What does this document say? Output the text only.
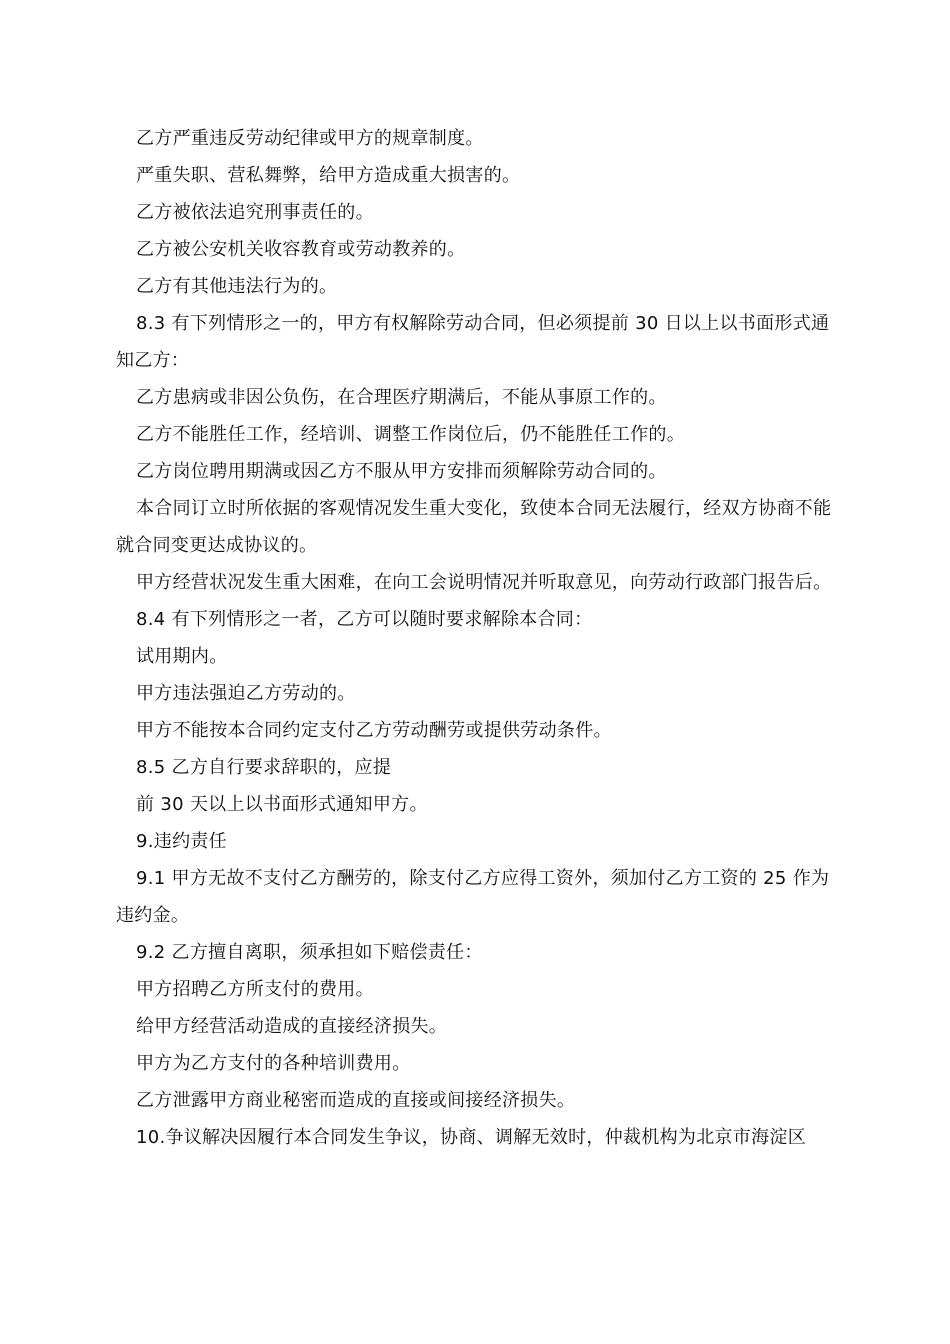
乙方严重违反劳动纪律或甲方的规章制度。

严重失职、营私舞弊，给甲方造成重大损害的。

乙方被依法追究刑事责任的。

乙方被公安机关收容教育或劳动教养的。

乙方有其他违法行为的。

8.3 有下列情形之一的，甲方有权解除劳动合同，但必须提前 30 日以上以书面形式通知乙方：

乙方患病或非因公负伤，在合理医疗期满后，不能从事原工作的。

乙方不能胜任工作，经培训、调整工作岗位后，仍不能胜任工作的。

乙方岗位聘用期满或因乙方不服从甲方安排而须解除劳动合同的。

本合同订立时所依据的客观情况发生重大变化，致使本合同无法履行，经双方协商不能就合同变更达成协议的。

甲方经营状况发生重大困难，在向工会说明情况并听取意见，向劳动行政部门报告后。

8.4 有下列情形之一者，乙方可以随时要求解除本合同：

试用期内。

甲方违法强迫乙方劳动的。

甲方不能按本合同约定支付乙方劳动酬劳或提供劳动条件。

8.5 乙方自行要求辞职的，应提

前 30 天以上以书面形式通知甲方。

9.违约责任

9.1 甲方无故不支付乙方酬劳的，除支付乙方应得工资外，须加付乙方工资的 25 作为违约金。

9.2 乙方擅自离职，须承担如下赔偿责任：

甲方招聘乙方所支付的费用。

给甲方经营活动造成的直接经济损失。

甲方为乙方支付的各种培训费用。

乙方泄露甲方商业秘密而造成的直接或间接经济损失。

10.争议解决因履行本合同发生争议，协商、调解无效时，仲裁机构为北京市海淀区
